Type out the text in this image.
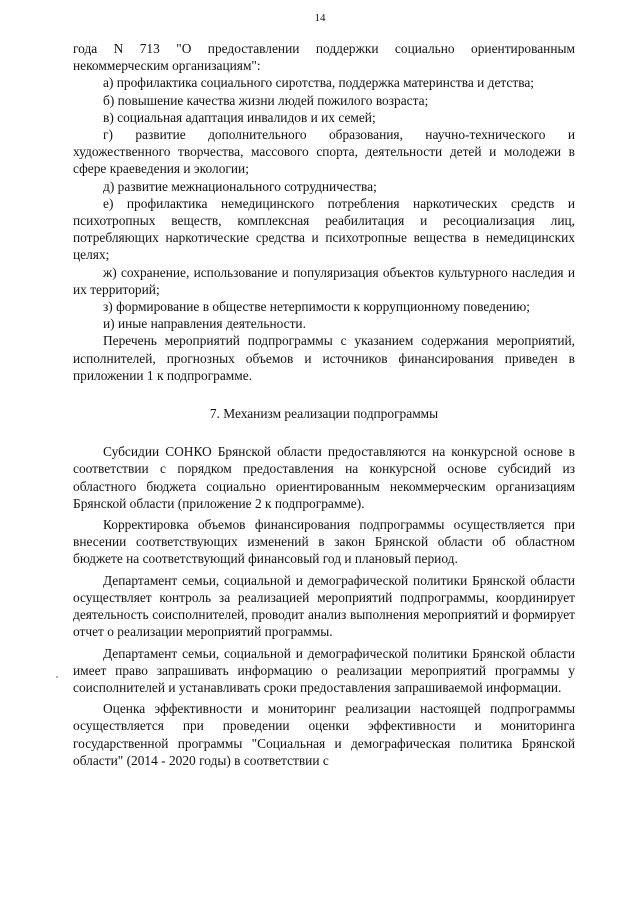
14

года N 713 "О предоставлении поддержки социально ориентированным некоммерческим организациям":

а) профилактика социального сиротства, поддержка материнства и детства;

б) повышение качества жизни людей пожилого возраста;

в) социальная адаптация инвалидов и их семей;

г) развитие дополнительного образования, научно-технического и художественного творчества, массового спорта, деятельности детей и молодежи в сфере краеведения и экологии;

д) развитие межнационального сотрудничества;

е) профилактика немедицинского потребления наркотических средств и психотропных веществ, комплексная реабилитация и ресоциализация лиц, потребляющих наркотические средства и психотропные вещества в немедицинских целях;

ж) сохранение, использование и популяризация объектов культурного наследия и их территорий;

з) формирование в обществе нетерпимости к коррупционному поведению;

и) иные направления деятельности.

Перечень мероприятий подпрограммы с указанием содержания мероприятий, исполнителей, прогнозных объемов и источников финансирования приведен в приложении 1 к подпрограмме.

7. Механизм реализации подпрограммы

Субсидии СОНКО Брянской области предоставляются на конкурсной основе в соответствии с порядком предоставления на конкурсной основе субсидий из областного бюджета социально ориентированным некоммерческим организациям Брянской области (приложение 2 к подпрограмме).

Корректировка объемов финансирования подпрограммы осуществляется при внесении соответствующих изменений в закон Брянской области об областном бюджете на соответствующий финансовый год и плановый период.

Департамент семьи, социальной и демографической политики Брянской области осуществляет контроль за реализацией мероприятий подпрограммы, координирует деятельность соисполнителей, проводит анализ выполнения мероприятий и формирует отчет о реализации мероприятий программы.

Департамент семьи, социальной и демографической политики Брянской области имеет право запрашивать информацию о реализации мероприятий программы у соисполнителей и устанавливать сроки предоставления запрашиваемой информации.

Оценка эффективности и мониторинг реализации настоящей подпрограммы осуществляется при проведении оценки эффективности и мониторинга государственной программы "Социальная и демографическая политика Брянской области" (2014 - 2020 годы) в соответствии с
